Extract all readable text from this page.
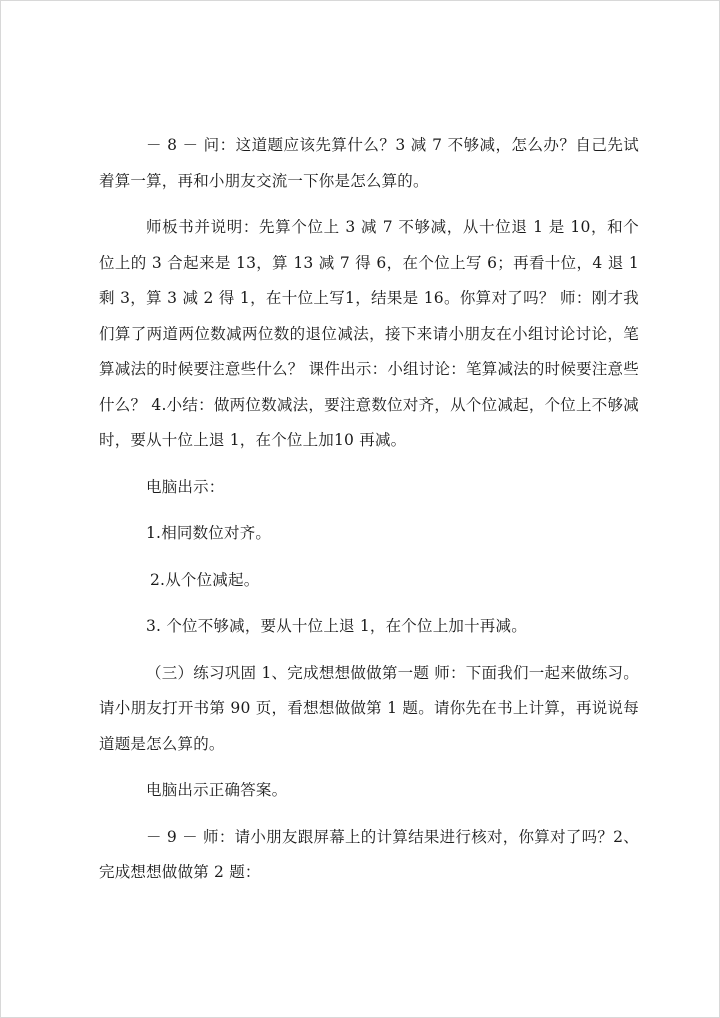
－ 8 － 问：这道题应该先算什么？3 减 7 不够减，怎么办？自己先试着算一算，再和小朋友交流一下你是怎么算的。

师板书并说明：先算个位上 3 减 7 不够减，从十位退 1 是 10，和个位上的 3 合起来是 13，算 13 减 7 得 6，在个位上写 6；再看十位，4 退 1 剩 3，算 3 减 2 得 1，在十位上写1，结果是 16。你算对了吗？ 师：刚才我们算了两道两位数减两位数的退位减法，接下来请小朋友在小组讨论讨论，笔算减法的时候要注意些什么？ 课件出示：小组讨论：笔算减法的时候要注意些什么？ 4.小结：做两位数减法，要注意数位对齐，从个位减起，个位上不够减时，要从十位上退 1，在个位上加10 再减。

电脑出示：

1.相同数位对齐。

2.从个位减起。

3. 个位不够减，要从十位上退 1，在个位上加十再减。

（三）练习巩固 1、完成想想做做第一题 师：下面我们一起来做练习。请小朋友打开书第 90 页，看想想做做第 1 题。请你先在书上计算，再说说每道题是怎么算的。

电脑出示正确答案。

－ 9 － 师：请小朋友跟屏幕上的计算结果进行核对，你算对了吗？2、完成想想做做第 2 题：
